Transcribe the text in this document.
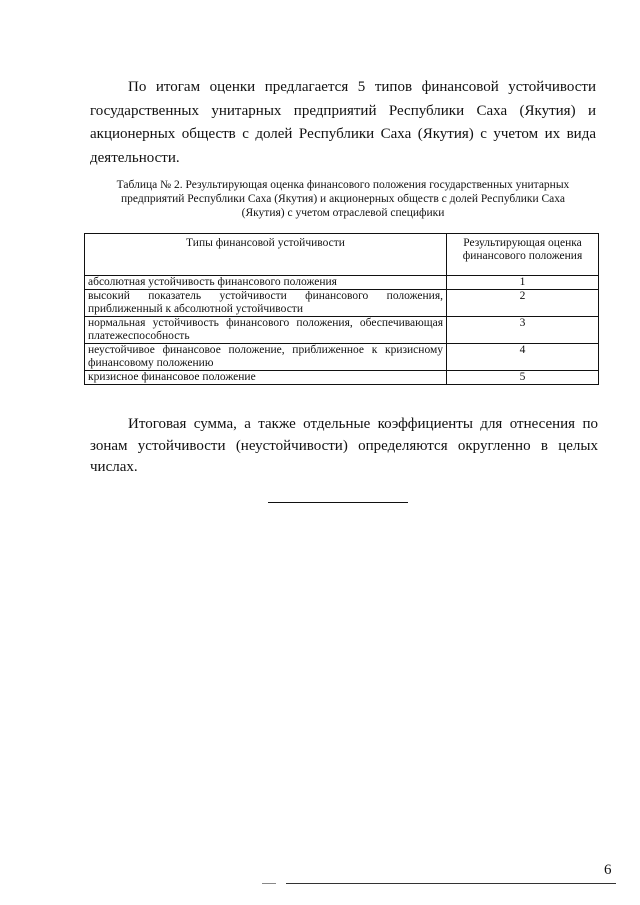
По итогам оценки предлагается 5 типов финансовой устойчивости государственных унитарных предприятий Республики Саха (Якутия) и акционерных обществ с долей Республики Саха (Якутия) с учетом их вида деятельности.

Таблица № 2. Результирующая оценка финансового положения государственных унитарных предприятий Республики Саха (Якутия) и акционерных обществ с долей Республики Саха (Якутия) с учетом отраслевой специфики

Типы финансовой устойчивости	Результирующая оценка финансового положения
абсолютная устойчивость финансового положения	1
высокий показатель устойчивости финансового положения, приближенный к абсолютной устойчивости	2
нормальная устойчивость финансового положения, обеспечивающая платежеспособность	3
неустойчивое финансовое положение, приближенное к кризисному финансовому положению	4
кризисное финансовое положение	5

Итоговая сумма, а также отдельные коэффициенты для отнесения по зонам устойчивости (неустойчивости) определяются округленно в целых числах.

6
